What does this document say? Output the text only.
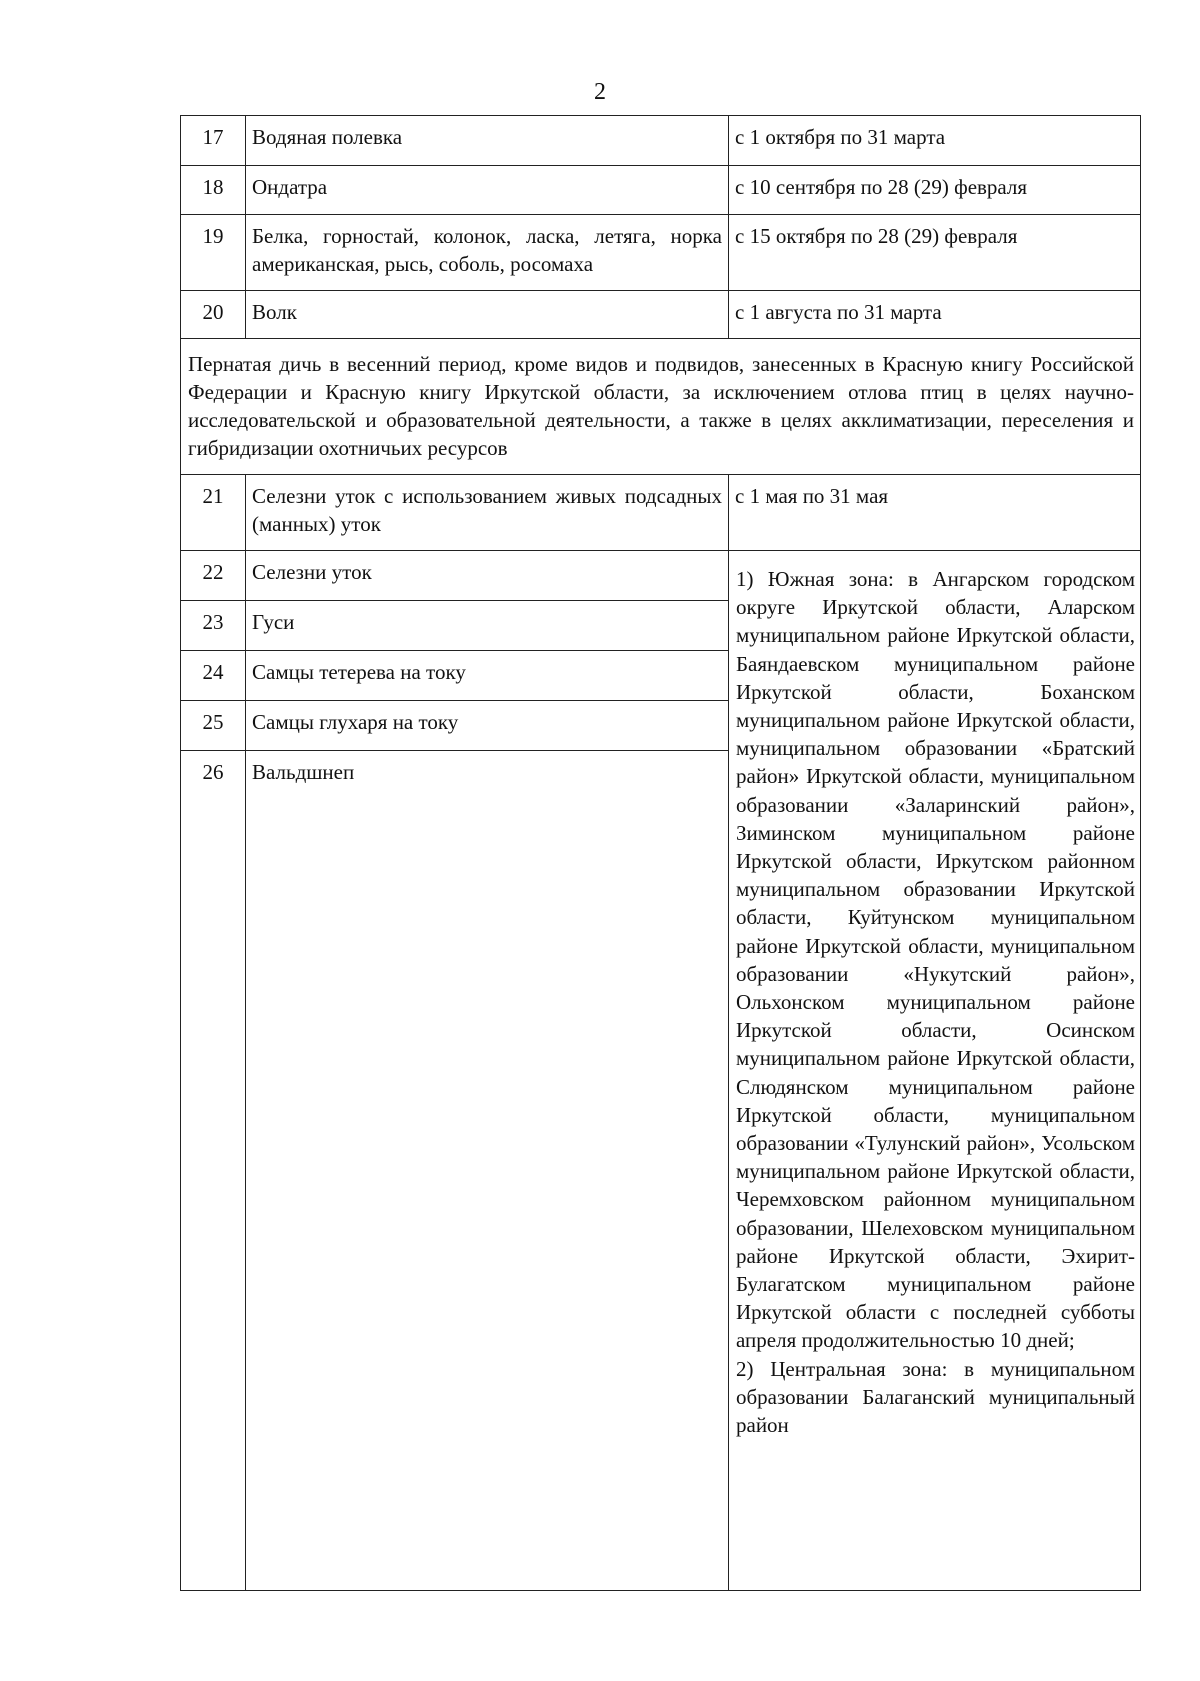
2
17	Водяная полевка	с 1 октября по 31 марта
18	Ондатра	с 10 сентября по 28 (29) февраля
19	Белка, горностай, колонок, ласка, летяга, норка американская, рысь, соболь, росомаха	с 15 октября по 28 (29) февраля
20	Волк	с 1 августа по 31 марта
Пернатая дичь в весенний период, кроме видов и подвидов, занесенных в Красную книгу Российской Федерации и Красную книгу Иркутской области, за исключением отлова птиц в целях научно-исследовательской и образовательной деятельности, а также в целях акклиматизации, переселения и гибридизации охотничьих ресурсов		
21	Селезни уток с использованием живых подсадных (манных) уток	с 1 мая по 31 мая
22	Селезни уток	1) Южная зона: в Ангарском городском округе Иркутской области, Аларском муниципальном районе Иркутской области, Баяндаевском муниципальном районе Иркутской области, Боханском муниципальном районе Иркутской области, муниципальном образовании «Братский район» Иркутской области, муниципальном образовании «Заларинский район», Зиминском муниципальном районе Иркутской области, Иркутском районном муниципальном образовании Иркутской области, Куйтунском муниципальном районе Иркутской области, муниципальном образовании «Нукутский район», Ольхонском муниципальном районе Иркутской области, Осинском муниципальном районе Иркутской области, Слюдянском муниципальном районе Иркутской области, муниципальном образовании «Тулунский район», Усольском муниципальном районе Иркутской области, Черемховском районном муниципальном образовании, Шелеховском муниципальном районе Иркутской области, Эхирит-Булагатском муниципальном районе Иркутской области с последней субботы апреля продолжительностью 10 дней;
2) Центральная зона: в муниципальном образовании Балаганский муниципальный район

23	Гуси	
24	Самцы тетерева на току	
25	Самцы глухаря на току	
26	Вальдшнеп	
